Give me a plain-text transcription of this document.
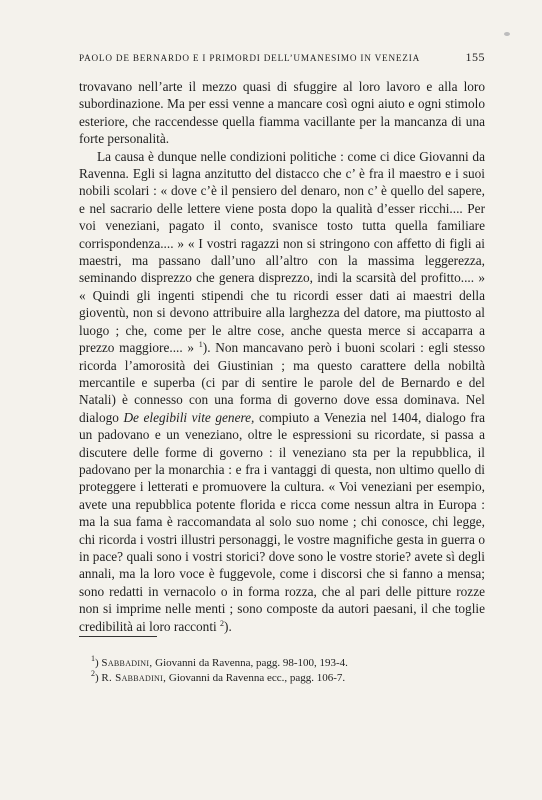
PAOLO DE BERNARDO E I PRIMORDI DELL’UMANESIMO IN VENEZIA	155

trovavano nell’arte il mezzo quasi di sfuggire al loro lavoro e alla loro subordinazione. Ma per essi venne a mancare così ogni aiuto e ogni stimolo esteriore, che raccendesse quella fiamma vacillante per la mancanza di una forte personalità.

La causa è dunque nelle condizioni politiche : come ci dice Giovanni da Ravenna. Egli si lagna anzitutto del distacco che c’ è fra il maestro e i suoi nobili scolari : « dove c’è il pensiero del denaro, non c’ è quello del sapere, e nel sacrario delle lettere viene posta dopo la qualità d’esser ricchi.... Per voi veneziani, pagato il conto, svanisce tosto tutta quella familiare corrispondenza.... » « I vostri ragazzi non si stringono con affetto di figli ai maestri, ma passano dall’uno all’altro con la massima leggerezza, seminando disprezzo che genera disprezzo, indi la scarsità del profitto.... » « Quindi gli ingenti stipendi che tu ricordi esser dati ai maestri della gioventù, non si devono attribuire alla larghezza del datore, ma piuttosto al luogo ; che, come per le altre cose, anche questa merce si accaparra a prezzo maggiore.... » $^1$). Non mancavano però i buoni scolari : egli stesso ricorda l’amorosità dei Giustinian ; ma questo carattere della nobiltà mercantile e superba (ci par di sentire le parole del de Bernardo e del Natali) è connesso con una forma di governo dove essa dominava. Nel dialogo De elegibili vite genere, compiuto a Venezia nel 1404, dialogo fra un padovano e un veneziano, oltre le espressioni su ricordate, si passa a discutere delle forme di governo : il veneziano sta per la repubblica, il padovano per la monarchia : e fra i vantaggi di questa, non ultimo quello di proteggere i letterati e promuovere la cultura. « Voi veneziani per esempio, avete una repubblica potente florida e ricca come nessun altra in Europa : ma la sua fama è raccomandata al solo suo nome ; chi conosce, chi legge, chi ricorda i vostri illustri personaggi, le vostre magnifiche gesta in guerra o in pace? quali sono i vostri storici? dove sono le vostre storie? avete sì degli annali, ma la loro voce è fuggevole, come i discorsi che si fanno a mensa; sono redatti in vernacolo o in forma rozza, che al pari delle pitture rozze non si imprime nelle menti ; sono composte da autori paesani, il che toglie credibilità ai loro racconti $^2$).

$^1$) Sabbadini, Giovanni da Ravenna, pagg. 98-100, 193-4.
$^2$) R. Sabbadini, Giovanni da Ravenna ecc., pagg. 106-7.
